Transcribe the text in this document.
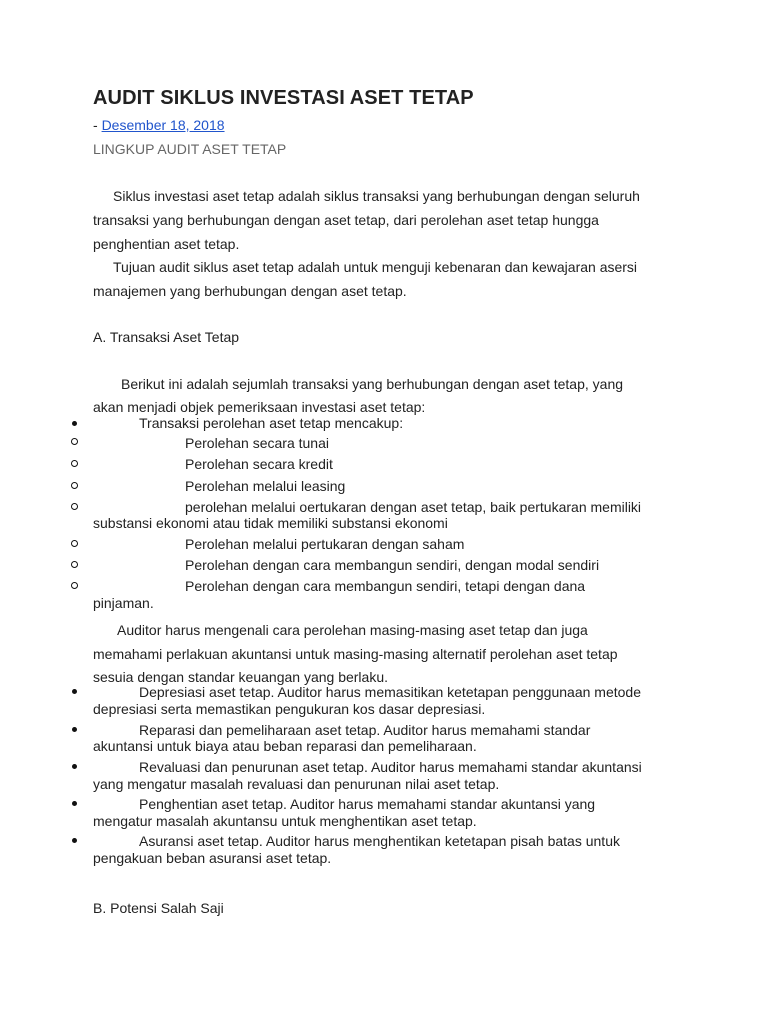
AUDIT SIKLUS INVESTASI ASET TETAP
- Desember 18, 2018
LINGKUP AUDIT ASET TETAP
Siklus investasi aset tetap adalah siklus transaksi yang berhubungan dengan seluruh
transaksi yang berhubungan dengan aset tetap, dari perolehan aset tetap hungga
penghentian aset tetap.
Tujuan audit siklus aset tetap adalah untuk menguji kebenaran dan kewajaran asersi
manajemen yang berhubungan dengan aset tetap.
A. Transaksi Aset Tetap
Berikut ini adalah sejumlah transaksi yang berhubungan dengan aset tetap, yang
akan menjadi objek pemeriksaan investasi aset tetap:
Transaksi perolehan aset tetap mencakup:
Perolehan secara tunai
Perolehan secara kredit
Perolehan melalui leasing
perolehan melalui oertukaran dengan aset tetap, baik pertukaran memiliki
substansi ekonomi atau tidak memiliki substansi ekonomi
Perolehan melalui pertukaran dengan saham
Perolehan dengan cara membangun sendiri, dengan modal sendiri
Perolehan dengan cara membangun sendiri, tetapi dengan dana
pinjaman.
Auditor harus mengenali cara perolehan masing-masing aset tetap dan juga
memahami perlakuan akuntansi untuk masing-masing alternatif perolehan aset tetap
sesuia dengan standar keuangan yang berlaku.
Depresiasi aset tetap. Auditor harus memasitikan ketetapan penggunaan metode
depresiasi serta memastikan pengukuran kos dasar depresiasi.
Reparasi dan pemeliharaan aset tetap. Auditor harus memahami standar
akuntansi untuk biaya atau beban reparasi dan pemeliharaan.
Revaluasi dan penurunan aset tetap. Auditor harus memahami standar akuntansi
yang mengatur masalah revaluasi dan penurunan nilai aset tetap.
Penghentian aset tetap. Auditor harus memahami standar akuntansi yang
mengatur masalah akuntansu untuk menghentikan aset tetap.
Asuransi aset tetap. Auditor harus menghentikan ketetapan pisah batas untuk
pengakuan beban asuransi aset tetap.
B. Potensi Salah Saji
